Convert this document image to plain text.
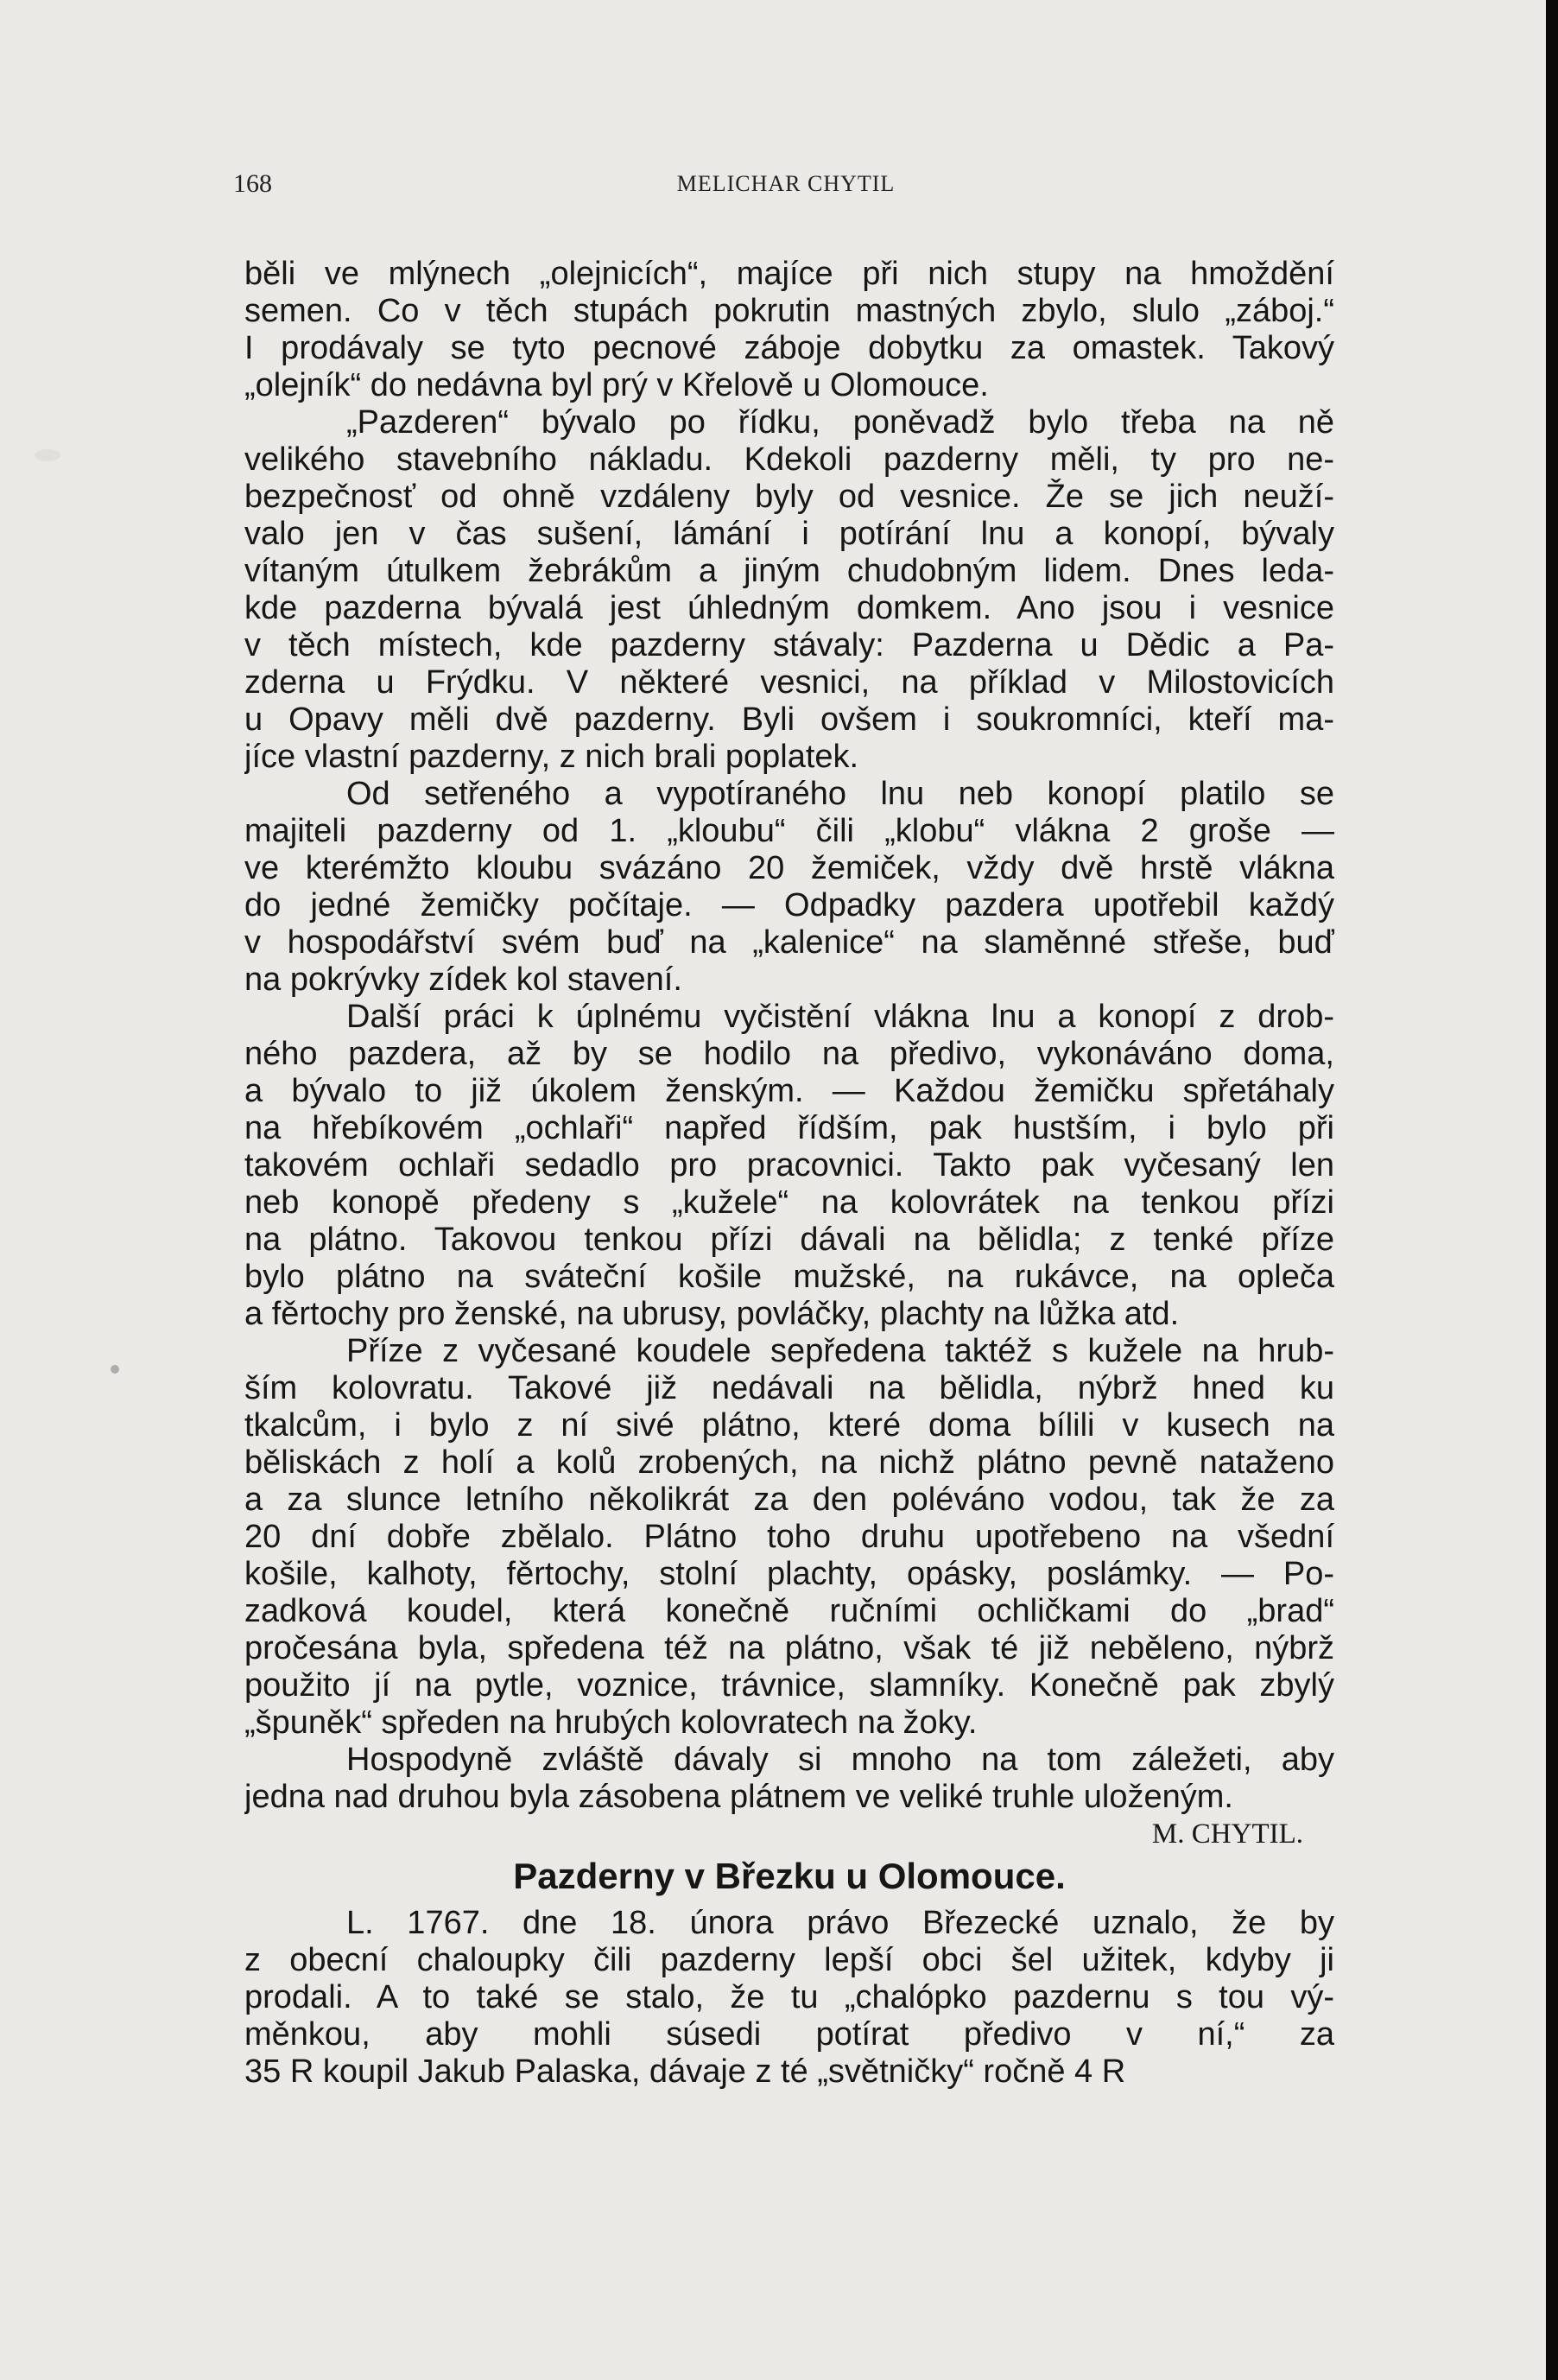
168	MELICHAR CHYTIL
běli ve mlýnech „olejnicích“, majíce při nich stupy na hmoždění
semen. Co v těch stupách pokrutin mastných zbylo, slulo „záboj.“
I prodávaly se tyto pecnové záboje dobytku za omastek. Takový
„olejník“ do nedávna byl prý v Křelově u Olomouce.
„Pazderen“ bývalo po řídku, poněvadž bylo třeba na ně
velikého stavebního nákladu. Kdekoli pazderny měli, ty pro ne-
bezpečnosť od ohně vzdáleny byly od vesnice. Že se jich neuží-
valo jen v čas sušení, lámání i potírání lnu a konopí, bývaly
vítaným útulkem žebrákům a jiným chudobným lidem. Dnes leda-
kde pazderna bývalá jest úhledným domkem. Ano jsou i vesnice
v těch místech, kde pazderny stávaly: Pazderna u Dědic a Pa-
zderna u Frýdku. V některé vesnici, na příklad v Milostovicích
u Opavy měli dvě pazderny. Byli ovšem i soukromníci, kteří ma-
jíce vlastní pazderny, z nich brali poplatek.
Od setřeného a vypotíraného lnu neb konopí platilo se
majiteli pazderny od 1. „kloubu“ čili „klobu“ vlákna 2 groše —
ve kterémžto kloubu svázáno 20 žemiček, vždy dvě hrstě vlákna
do jedné žemičky počítaje. — Odpadky pazdera upotřebil každý
v hospodářství svém buď na „kalenice“ na slaměnné střeše, buď
na pokrývky zídek kol stavení.
Další práci k úplnému vyčistění vlákna lnu a konopí z drob-
ného pazdera, až by se hodilo na předivo, vykonáváno doma,
a bývalo to již úkolem ženským. — Každou žemičku spřetáhaly
na hřebíkovém „ochlaři“ napřed řídším, pak hustším, i bylo při
takovém ochlaři sedadlo pro pracovnici. Takto pak vyčesaný len
neb konopě předeny s „kužele“ na kolovrátek na tenkou přízi
na plátno. Takovou tenkou přízi dávali na bělidla; z tenké příze
bylo plátno na sváteční košile mužské, na rukávce, na opleča
a fěrtochy pro ženské, na ubrusy, povláčky, plachty na lůžka atd.
Příze z vyčesané koudele sepředena taktéž s kužele na hrub-
ším kolovratu. Takové již nedávali na bělidla, nýbrž hned ku
tkalcům, i bylo z ní sivé plátno, které doma bílili v kusech na
běliskách z holí a kolů zrobených, na nichž plátno pevně nataženo
a za slunce letního několikrát za den poléváno vodou, tak že za
20 dní dobře zbělalo. Plátno toho druhu upotřebeno na všední
košile, kalhoty, fěrtochy, stolní plachty, opásky, poslámky. — Po-
zadková koudel, která konečně ručními ochličkami do „brad“
pročesána byla, spředena též na plátno, však té již neběleno, nýbrž
použito jí na pytle, voznice, trávnice, slamníky. Konečně pak zbylý
„špuněk“ spředen na hrubých kolovratech na žoky.
Hospodyně zvláště dávaly si mnoho na tom záležeti, aby
jedna nad druhou byla zásobena plátnem ve veliké truhle uloženým.
M. CHYTIL.
Pazderny v Březku u Olomouce.
L. 1767. dne 18. února právo Březecké uznalo, že by
z obecní chaloupky čili pazderny lepší obci šel užitek, kdyby ji
prodali. A to také se stalo, že tu „chalópko pazdernu s tou vý-
měnkou, aby mohli súsedi potírat předivo v ní,“ za
35 R koupil Jakub Palaska, dávaje z té „světničky“ ročně 4 R
